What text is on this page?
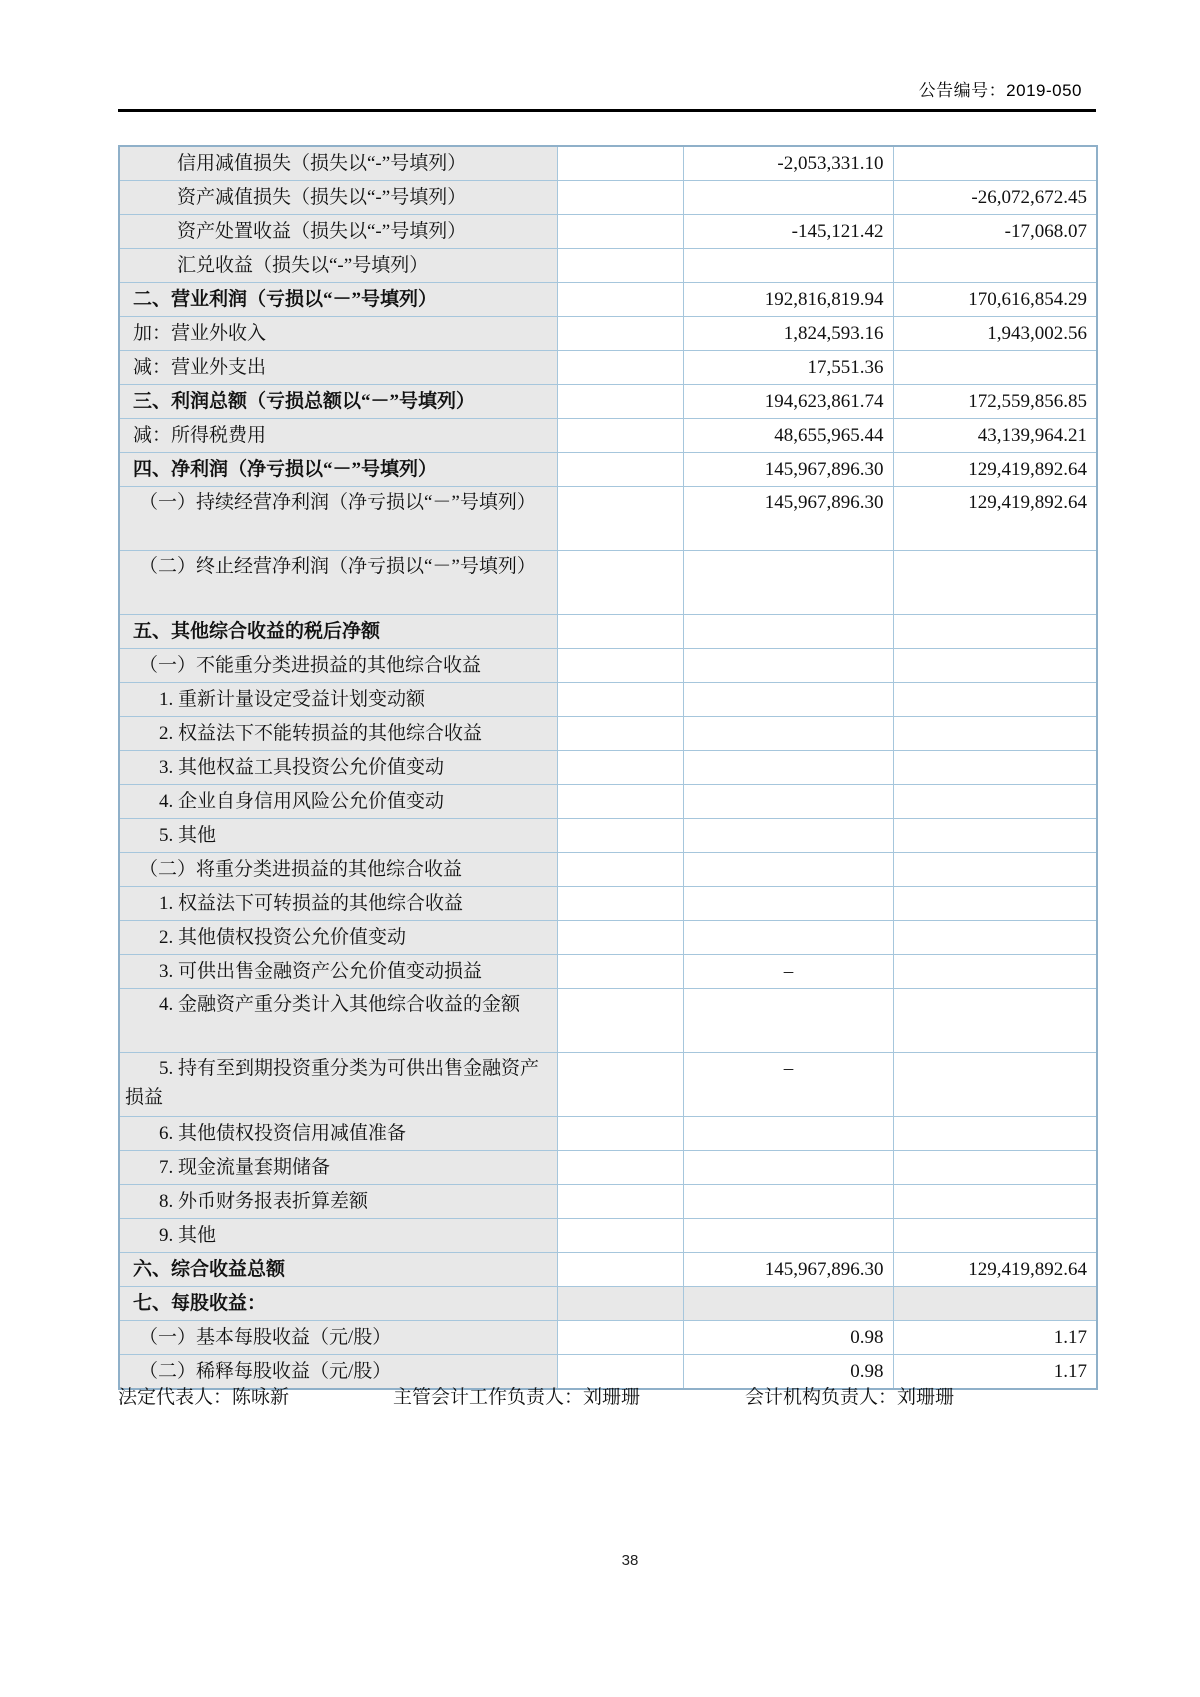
公告编号：2019-050
信用减值损失（损失以“-”号填列）		-2,053,331.10	
资产减值损失（损失以“-”号填列）			-26,072,672.45
资产处置收益（损失以“-”号填列）		-145,121.42	-17,068.07
汇兑收益（损失以“-”号填列）			
二、营业利润（亏损以“－”号填列）		192,816,819.94	170,616,854.29
加：营业外收入		1,824,593.16	1,943,002.56
减：营业外支出		17,551.36	
三、利润总额（亏损总额以“－”号填列）		194,623,861.74	172,559,856.85
减：所得税费用		48,655,965.44	43,139,964.21
四、净利润（净亏损以“－”号填列）		145,967,896.30	129,419,892.64
（一）持续经营净利润（净亏损以“－”号填列）		145,967,896.30	129,419,892.64
（二）终止经营净利润（净亏损以“－”号填列）			
五、其他综合收益的税后净额			
（一）不能重分类进损益的其他综合收益			
1. 重新计量设定受益计划变动额			
2. 权益法下不能转损益的其他综合收益			
3. 其他权益工具投资公允价值变动			
4. 企业自身信用风险公允价值变动			
5. 其他			
（二）将重分类进损益的其他综合收益			
1. 权益法下可转损益的其他综合收益			
2. 其他债权投资公允价值变动			
3. 可供出售金融资产公允价值变动损益		–	
4. 金融资产重分类计入其他综合收益的金额			
5. 持有至到期投资重分类为可供出售金融资产损益		–	
6. 其他债权投资信用减值准备			
7. 现金流量套期储备			
8. 外币财务报表折算差额			
9. 其他			
六、综合收益总额		145,967,896.30	129,419,892.64
七、每股收益：			
（一）基本每股收益（元/股）		0.98	1.17
（二）稀释每股收益（元/股）		0.98	1.17
法定代表人：陈咏新	主管会计工作负责人：刘珊珊	会计机构负责人：刘珊珊
38
